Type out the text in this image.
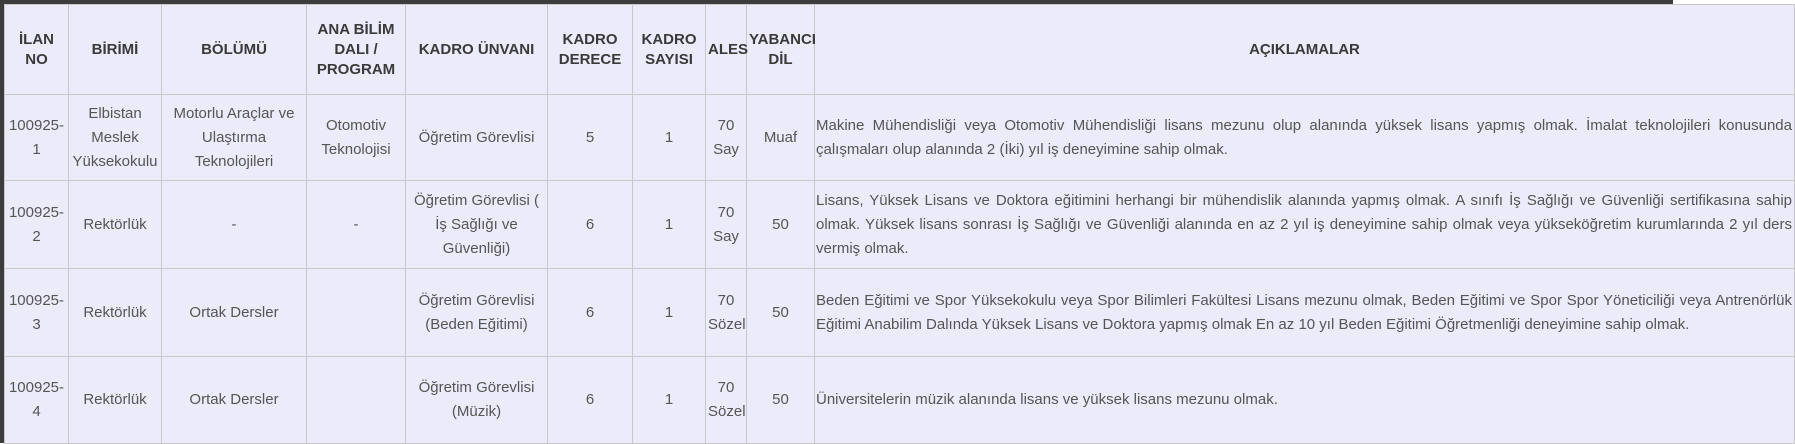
İLAN NO	BİRİMİ	BÖLÜMÜ	ANA BİLİM DALI / PROGRAM	KADRO ÜNVANI	KADRO DERECE	KADRO SAYISI	ALES	YABANCI DİL	AÇIKLAMALAR
100925-1	Elbistan Meslek Yüksekokulu	Motorlu Araçlar ve Ulaştırma Teknolojileri	Otomotiv Teknolojisi	Öğretim Görevlisi	5	1	70 Say	Muaf	Makine Mühendisliği veya Otomotiv Mühendisliği lisans mezunu olup alanında yüksek lisans yapmış olmak. İmalat teknolojileri konusunda çalışmaları olup alanında 2 (İki) yıl iş deneyimine sahip olmak.
100925-2	Rektörlük	-	-	Öğretim Görevlisi ( İş Sağlığı ve Güvenliği)	6	1	70 Say	50	Lisans, Yüksek Lisans ve Doktora eğitimini herhangi bir mühendislik alanında yapmış olmak. A sınıfı İş Sağlığı ve Güvenliği sertifikasına sahip olmak. Yüksek lisans sonrası İş Sağlığı ve Güvenliği alanında en az 2 yıl iş deneyimine sahip olmak veya yükseköğretim kurumlarında 2 yıl ders vermiş olmak.
100925-3	Rektörlük	Ortak Dersler		Öğretim Görevlisi (Beden Eğitimi)	6	1	70 Sözel	50	Beden Eğitimi ve Spor Yüksekokulu veya Spor Bilimleri Fakültesi Lisans mezunu olmak, Beden Eğitimi ve Spor Spor Yöneticiliği veya Antrenörlük Eğitimi Anabilim Dalında Yüksek Lisans ve Doktora yapmış olmak En az 10 yıl Beden Eğitimi Öğretmenliği deneyimine sahip olmak.
100925-4	Rektörlük	Ortak Dersler		Öğretim Görevlisi (Müzik)	6	1	70 Sözel	50	Üniversitelerin müzik alanında lisans ve yüksek lisans mezunu olmak.
